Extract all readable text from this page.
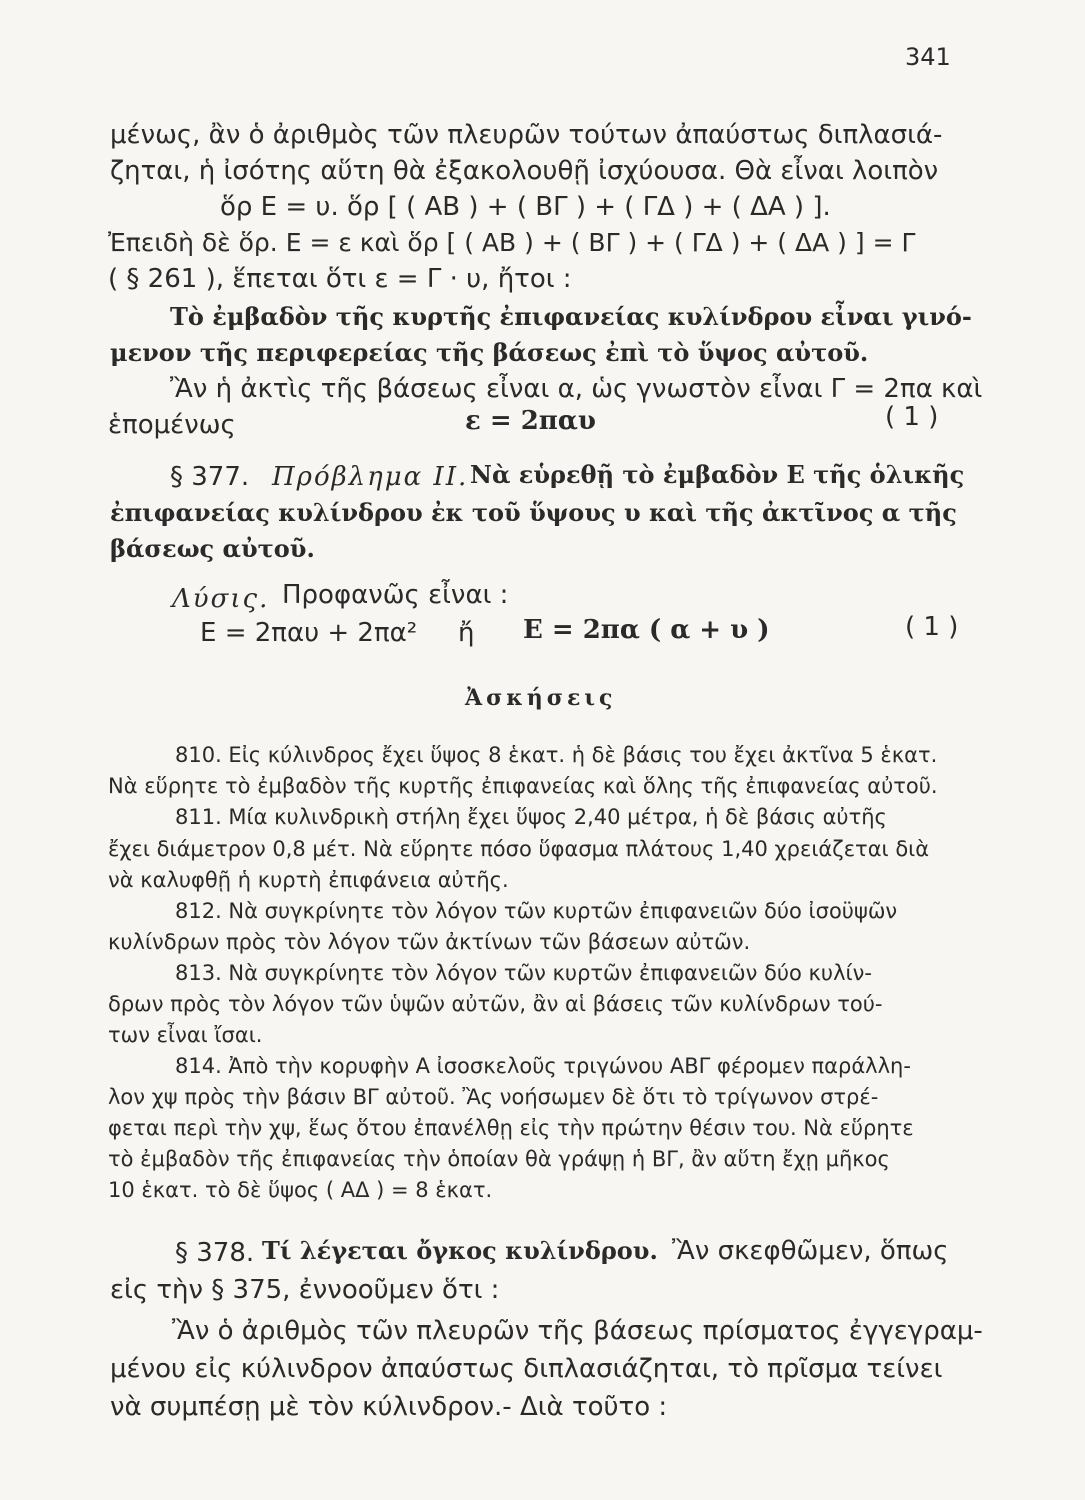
341
μένως, ἂν ὁ ἀριθμὸς τῶν πλευρῶν τούτων ἀπαύστως διπλασιά-
ζηται, ἡ ἰσότης αὕτη θὰ ἐξακολουθῇ ἰσχύουσα. Θὰ εἶναι λοιπὸν
ὅρ Ε = υ. ὅρ [ ( ΑΒ ) + ( ΒΓ ) + ( ΓΔ ) + ( ΔΑ ) ].
Ἐπειδὴ δὲ ὅρ. Ε = ε καὶ ὅρ [ ( ΑΒ ) + ( ΒΓ ) + ( ΓΔ ) + ( ΔΑ ) ] = Γ
( § 261 ), ἕπεται ὅτι ε = Γ · υ, ἤτοι :
Τὸ ἐμβαδὸν τῆς κυρτῆς ἐπιφανείας κυλίνδρου εἶναι γινό-
μενον τῆς περιφερείας τῆς βάσεως ἐπὶ τὸ ὕψος αὐτοῦ.
Ἂν ἡ ἀκτὶς τῆς βάσεως εἶναι α, ὡς γνωστὸν εἶναι Γ = 2πα καὶ
ἑπομένως	ε = 2παυ	( 1 )
§ 377. Πρόβλημα ΙΙ. Νὰ εὑρεθῇ τὸ ἐμβαδὸν Ε τῆς ὁλικῆς
ἐπιφανείας κυλίνδρου ἐκ τοῦ ὕψους υ καὶ τῆς ἀκτῖνος α τῆς
βάσεως αὐτοῦ.
Λύσις. Προφανῶς εἶναι :
Ε = 2παυ + 2πα² ἤ Ε = 2πα ( α + υ )	( 1 )
Ἀσκήσεις
810. Εἰς κύλινδρος ἔχει ὕψος 8 ἑκατ. ἡ δὲ βάσις του ἔχει ἀκτῖνα 5 ἑκατ.
Νὰ εὕρητε τὸ ἐμβαδὸν τῆς κυρτῆς ἐπιφανείας καὶ ὅλης τῆς ἐπιφανείας αὐτοῦ.
811. Μία κυλινδρικὴ στήλη ἔχει ὕψος 2,40 μέτρα, ἡ δὲ βάσις αὐτῆς
ἔχει διάμετρον 0,8 μέτ. Νὰ εὕρητε πόσο ὕφασμα πλάτους 1,40 χρειάζεται διὰ
νὰ καλυφθῇ ἡ κυρτὴ ἐπιφάνεια αὐτῆς.
812. Νὰ συγκρίνητε τὸν λόγον τῶν κυρτῶν ἐπιφανειῶν δύο ἰσοϋψῶν
κυλίνδρων πρὸς τὸν λόγον τῶν ἀκτίνων τῶν βάσεων αὐτῶν.
813. Νὰ συγκρίνητε τὸν λόγον τῶν κυρτῶν ἐπιφανειῶν δύο κυλίν-
δρων πρὸς τὸν λόγον τῶν ὑψῶν αὐτῶν, ἂν αἱ βάσεις τῶν κυλίνδρων τού-
των εἶναι ἴσαι.
814. Ἀπὸ τὴν κορυφὴν Α ἰσοσκελοῦς τριγώνου ΑΒΓ φέρομεν παράλλη-
λον χψ πρὸς τὴν βάσιν ΒΓ αὐτοῦ. Ἂς νοήσωμεν δὲ ὅτι τὸ τρίγωνον στρέ-
φεται περὶ τὴν χψ, ἕως ὅτου ἐπανέλθῃ εἰς τὴν πρώτην θέσιν του. Νὰ εὕρητε
τὸ ἐμβαδὸν τῆς ἐπιφανείας τὴν ὁποίαν θὰ γράψῃ ἡ ΒΓ, ἂν αὕτη ἔχῃ μῆκος
10 ἑκατ. τὸ δὲ ὕψος ( ΑΔ ) = 8 ἑκατ.
§ 378. Τί λέγεται ὄγκος κυλίνδρου. Ἂν σκεφθῶμεν, ὅπως
εἰς τὴν § 375, ἐννοοῦμεν ὅτι :
Ἂν ὁ ἀριθμὸς τῶν πλευρῶν τῆς βάσεως πρίσματος ἐγγεγραμ-
μένου εἰς κύλινδρον ἀπαύστως διπλασιάζηται, τὸ πρῖσμα τείνει
νὰ συμπέσῃ μὲ τὸν κύλινδρον.- Διὰ τοῦτο :
